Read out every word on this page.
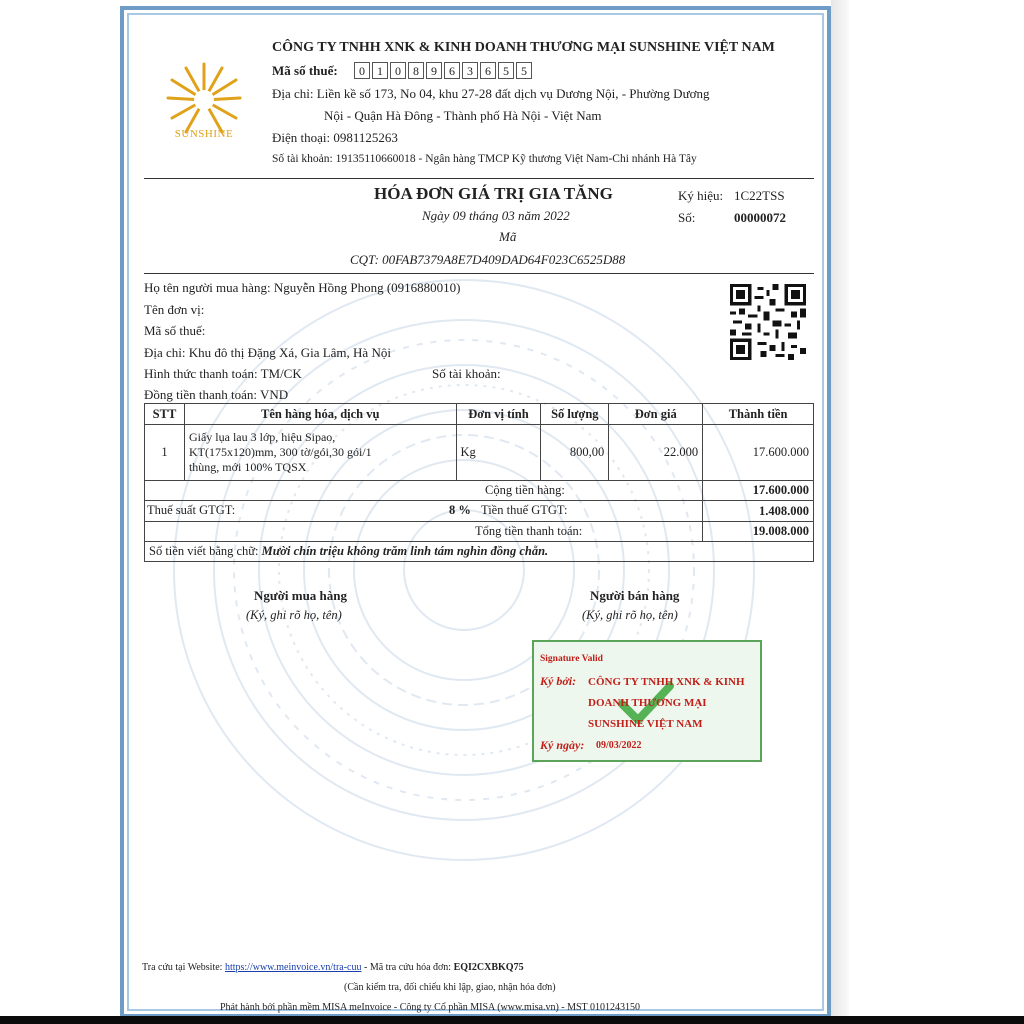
SUNSHINE
CÔNG TY TNHH XNK & KINH DOANH THƯƠNG MẠI SUNSHINE VIỆT NAM
Mã số thuế:	0	1	0	8	9	6	3	6	5	5
Địa chỉ: Liền kề số 173, No 04, khu 27-28 đất dịch vụ Dương Nội, - Phường Dương
Nội - Quận Hà Đông - Thành phố Hà Nội - Việt Nam
Điện thoại: 0981125263
Số tài khoản: 19135110660018 - Ngân hàng TMCP Kỹ thương Việt Nam-Chi nhánh Hà Tây
HÓA ĐƠN GIÁ TRỊ GIA TĂNG
Ngày 09 tháng 03 năm 2022
Mã
CQT: 00FAB7379A8E7D409DAD64F023C6525D88
Ký hiệu: 1C22TSS
Số:	00000072
Họ tên người mua hàng: Nguyễn Hồng Phong (0916880010)
Tên đơn vị:
Mã số thuế:
Địa chỉ: Khu đô thị Đặng Xá, Gia Lâm, Hà Nội
Hình thức thanh toán: TM/CK	Số tài khoản:
Đồng tiền thanh toán: VND
STT	Tên hàng hóa, dịch vụ	Đơn vị tính	Số lượng	Đơn giá	Thành tiền
1	Giấy lụa lau 3 lớp, hiệu Sipao,
KT(175x120)mm, 300 tờ/gói,30 gói/1
thùng, mới 100% TQSX	Kg	800,00	22.000	17.600.000
Cộng tiền hàng:					17.600.000

Thuế suất GTGT: 8 % Tiền thuế GTGT:					1.408.000
Tổng tiền thanh toán:					19.008.000
Số tiền viết bằng chữ: Mười chín triệu không trăm linh tám nghìn đồng chẵn.					
Người mua hàng
(Ký, ghi rõ họ, tên)
Người bán hàng
(Ký, ghi rõ họ, tên)
Signature Valid
Ký bởi: CÔNG TY TNHH XNK & KINH
DOANH THƯƠNG MẠI
SUNSHINE VIỆT NAM
Ký ngày: 09/03/2022
Tra cứu tại Website: https://www.meinvoice.vn/tra-cuu - Mã tra cứu hóa đơn: EQI2CXBKQ75
(Cần kiểm tra, đối chiếu khi lập, giao, nhận hóa đơn)
Phát hành bởi phần mềm MISA meInvoice - Công ty Cổ phần MISA (www.misa.vn) - MST 0101243150
